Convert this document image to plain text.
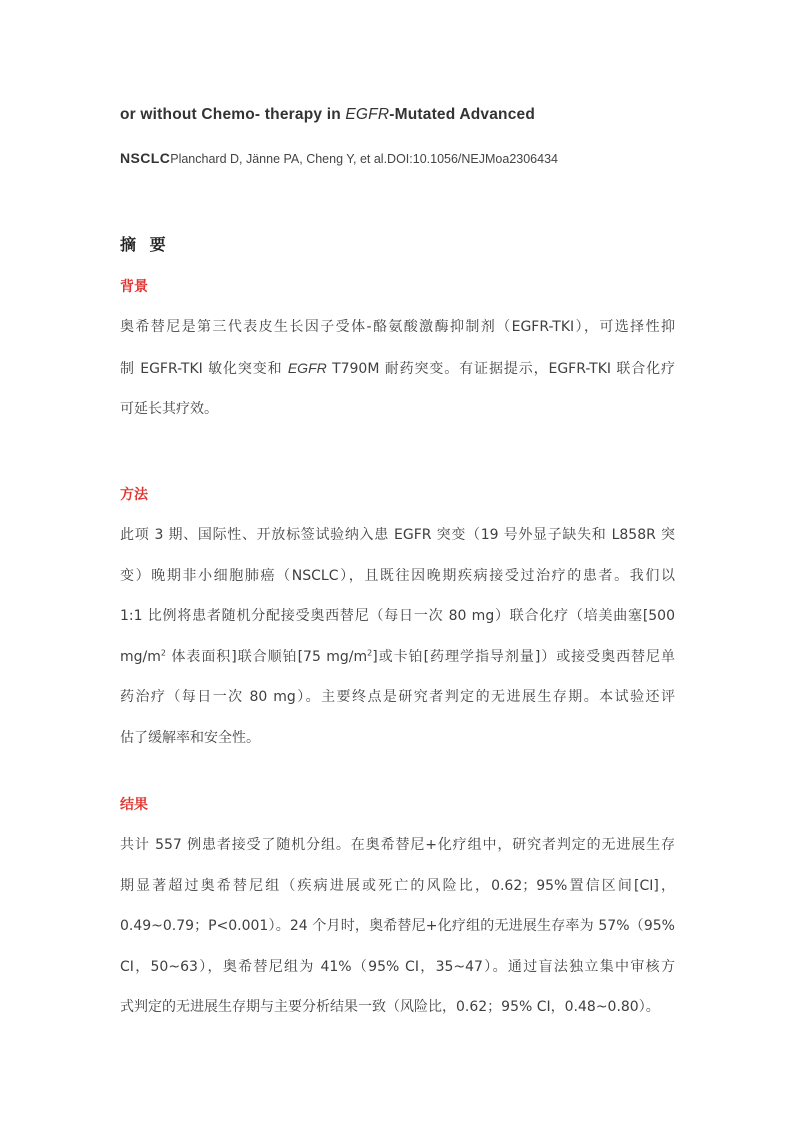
or without Chemo- therapy in EGFR-Mutated Advanced
NSCLCPlanchard D, Jänne PA, Cheng Y, et al.DOI:10.1056/NEJMoa2306434
摘 要
背景
奥希替尼是第三代表皮生长因子受体-酪氨酸激酶抑制剂（EGFR-TKI），可选择性抑
制 EGFR-TKI 敏化突变和 EGFR T790M 耐药突变。有证据提示，EGFR-TKI 联合化疗
可延长其疗效。
方法
此项 3 期、国际性、开放标签试验纳入患 EGFR 突变（19 号外显子缺失和 L858R 突
变）晚期非小细胞肺癌（NSCLC），且既往因晚期疾病接受过治疗的患者。我们以
1:1 比例将患者随机分配接受奥西替尼（每日一次 80 mg）联合化疗（培美曲塞[500
$mg/m^2$ 体表面积]联合顺铂[75 $mg/m^2$]或卡铂[药理学指导剂量]）或接受奥西替尼单
药治疗（每日一次 80 mg）。主要终点是研究者判定的无进展生存期。本试验还评
估了缓解率和安全性。
结果
共计 557 例患者接受了随机分组。在奥希替尼+化疗组中，研究者判定的无进展生存
期显著超过奥希替尼组（疾病进展或死亡的风险比，0.62；95%置信区间[CI]，
0.49~0.79；P<0.001）。24 个月时，奥希替尼+化疗组的无进展生存率为 57%（95%
CI，50~63），奥希替尼组为 41%（95% CI，35~47）。通过盲法独立集中审核方
式判定的无进展生存期与主要分析结果一致（风险比，0.62；95% CI，0.48~0.80）。
